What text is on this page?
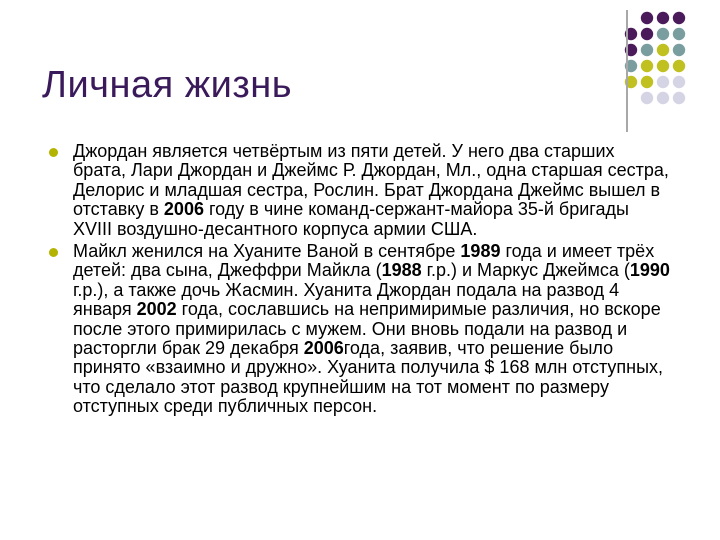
Личная жизнь
Джордан является четвёртым из пяти детей. У него два старших брата, Лари Джордан и Джеймс Р. Джордан, Мл., одна старшая сестра, Делорис и младшая сестра, Рослин. Брат Джордана Джеймс вышел в отставку в 2006 году в чине команд-сержант-майора 35-й бригады XVIII воздушно-десантного корпуса армии США.
Майкл женился на Хуаните Ваной в сентябре 1989 года и имеет трёх детей: два сына, Джеффри Майкла (1988 г.р.) и Маркус Джеймса (1990 г.р.), а также дочь Жасмин. Хуанита Джордан подала на развод 4 января 2002 года, сославшись на непримиримые различия, но вскоре после этого примирилась с мужем. Они вновь подали на развод и расторгли брак 29 декабря 2006года, заявив, что решение было принято «взаимно и дружно». Хуанита получила $ 168 млн отступных, что сделало этот развод крупнейшим на тот момент по размеру отступных среди публичных персон.
